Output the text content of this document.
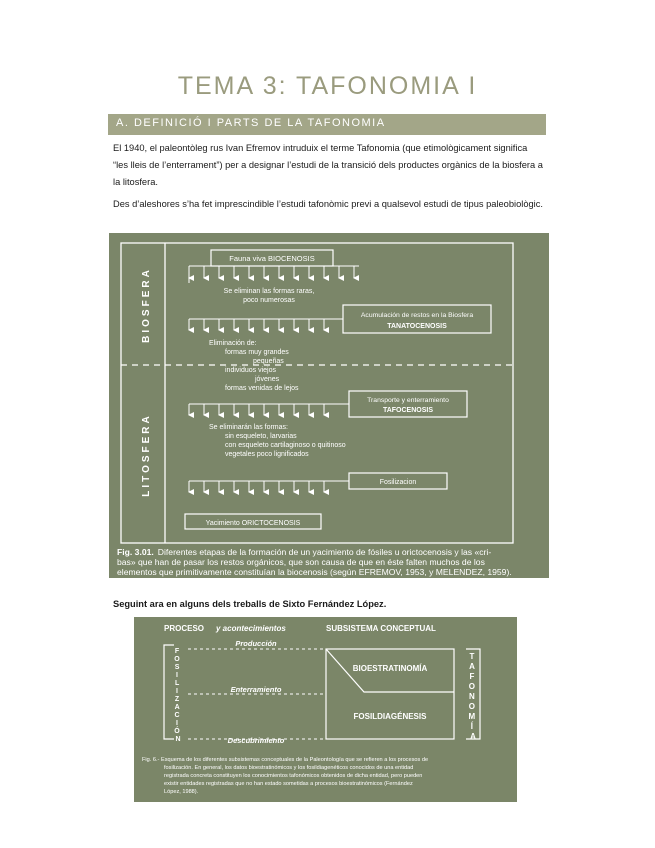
TEMA 3: TAFONOMIA I
A. DEFINICIÓ I PARTS DE LA TAFONOMIA
El 1940, el paleontòleg rus Ivan Efremov intruduix el terme Tafonomia (que etimològicament significa “les lleis de l’enterrament”) per a designar l’estudi de la transició dels productes orgànics de la biosfera a la litosfera.
Des d’aleshores s’ha fet imprescindible l’estudi tafonòmic previ a qualsevol estudi de tipus paleobiològic.
BIOSFERA
LITOSFERA
Fauna viva BIOCENOSIS
Se eliminan las formas raras,
poco numerosas
Acumulación de restos en la Biosfera
TANATOCENOSIS
Eliminación de:
formas muy grandes
pequeñas
individuos viejos
jóvenes
formas venidas de lejos
Transporte y enterramiento
TAFOCENOSIS
Se eliminarán las formas:
sin esqueleto, larvarias
con esqueleto cartilaginoso o quitinoso
vegetales poco lignificados
Fosilizacion
Yacimiento ORICTOCENOSIS
Fig. 3.01. Diferentes etapas de la formación de un yacimiento de fósiles u orictocenosis y las «cri-
bas» que han de pasar los restos orgánicos, que son causa de que en éste falten muchos de los
elementos que primitivamente constituían la biocenosis (según EFREMOV, 1953, y MELENDEZ, 1959).
Seguint ara en alguns dels treballs de Sixto Fernández López.
PROCESO y acontecimientos	SUBSISTEMA CONCEPTUAL
F O S I L I Z A C I Ó N
Producción
Enterramiento
Descubrimiento
BIOESTRATINOMÍA
FOSILDIAGÉNESIS
T A F O N O M Í A
Fig. 6.- Esquema de los diferentes subsistemas conceptuales de la Paleontología que se refieren a los procesos de
fosilización. En general, los datos bioestratinómicos y los fosildiagenéticos conocidos de una entidad
registrada concreta constituyen los conocimientos tafonómicos obtenidos de dicha entidad, pero pueden
existir entidades registradas que no han estado sometidas a procesos bioestratinómicos (Fernández
López, 1988).
